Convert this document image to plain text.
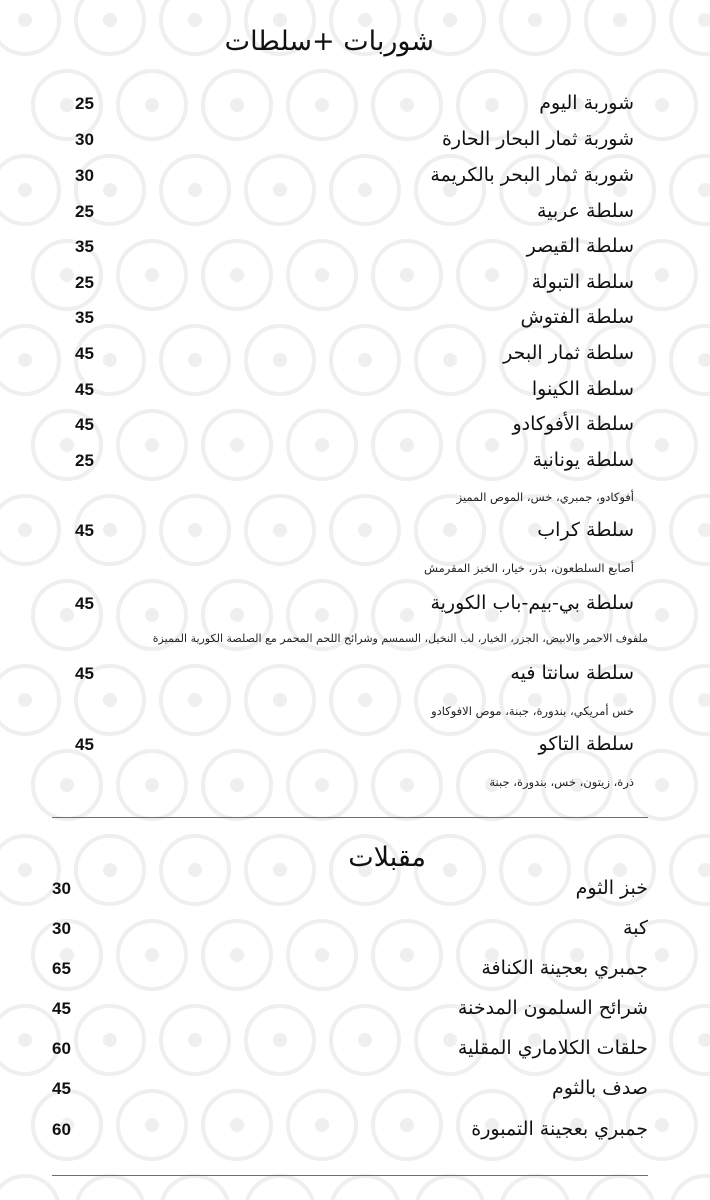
شوربات +سلطات
شوربة اليوم
25
شوربة ثمار البحار الحارة
30
شوربة ثمار البحر بالكريمة
30
سلطة عربية
25
سلطة القيصر
35
سلطة التبولة
25
سلطة الفتوش
35
سلطة ثمار البحر
45
سلطة الكينوا
45
سلطة الأفوكادو
45
سلطة يونانية
25
أفوكادو، جمبري، خس، الموص المميز
سلطة كراب
45
أصابع السلطعون، بذر، خيار، الخبز المقرمش
سلطة بي-بيم-باب الكورية
45
ملفوف الاحمر والابيض، الجزر، الخيار، لب النخيل، السمسم وشرائح اللحم المحمر مع الصلصة الكورية المميزة
سلطة سانتا فيه
45
خس أمريكي، بندورة، جبنة، موص الافوكادو
سلطة التاكو
45
ذرة، زيتون، خس، بندورة، جبنة
مقبلات
خبز الثوم
30
كبة
30
جمبري بعجينة الكنافة
65
شرائح السلمون المدخنة
45
حلقات الكلاماري المقلية
60
صدف بالثوم
45
جمبري بعجينة التمبورة
60
